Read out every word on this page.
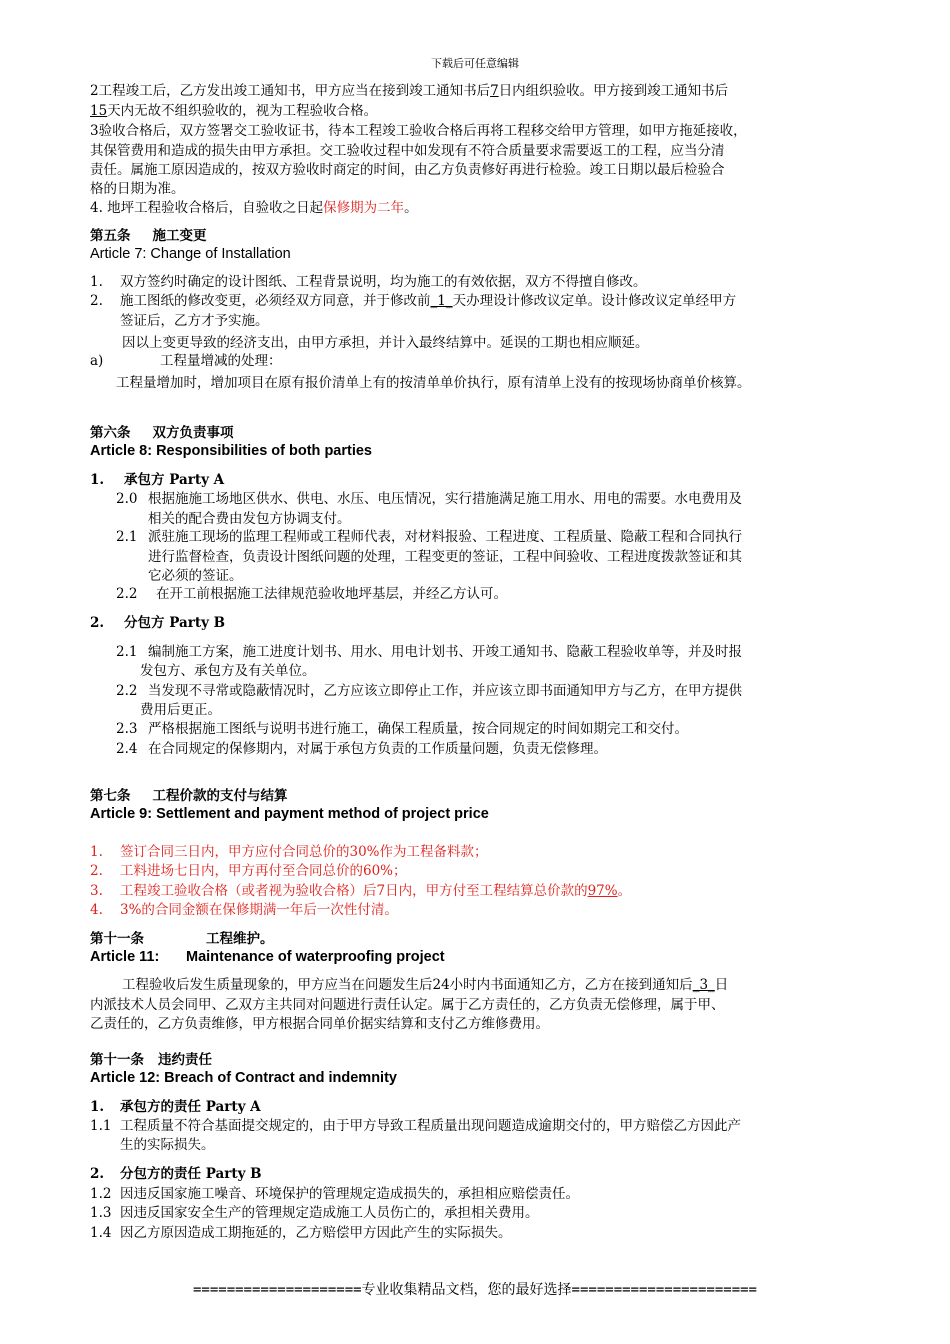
下载后可任意编辑
2工程竣工后，乙方发出竣工通知书，甲方应当在接到竣工通知书后7日内组织验收。甲方接到竣工通知书后
15天内无故不组织验收的，视为工程验收合格。
3验收合格后，双方签署交工验收证书，待本工程竣工验收合格后再将工程移交给甲方管理，如甲方拖延接收，
其保管费用和造成的损失由甲方承担。交工验收过程中如发现有不符合质量要求需要返工的工程，应当分清
责任。属施工原因造成的，按双方验收时商定的时间，由乙方负责修好再进行检验。竣工日期以最后检验合
格的日期为准。
4. 地坪工程验收合格后，自验收之日起保修期为二年。
第五条 施工变更
Article 7: Change of Installation
1. 双方签约时确定的设计图纸、工程背景说明，均为施工的有效依据，双方不得擅自修改。
2. 施工图纸的修改变更，必须经双方同意，并于修改前_1_天办理设计修改议定单。设计修改议定单经甲方
签证后，乙方才予实施。
因以上变更导致的经济支出，由甲方承担，并计入最终结算中。延误的工期也相应顺延。
a)	工程量增减的处理：
工程量增加时，增加项目在原有报价清单上有的按清单单价执行，原有清单上没有的按现场协商单价核算。
第六条 双方负责事项
Article 8: Responsibilities of both parties
1. 承包方 Party A
2.0 根据施施工场地区供水、供电、水压、电压情况，实行措施满足施工用水、用电的需要。水电费用及
相关的配合费由发包方协调支付。
2.1 派驻施工现场的监理工程师或工程师代表，对材料报验、工程进度、工程质量、隐蔽工程和合同执行
进行监督检查，负责设计图纸问题的处理，工程变更的签证，工程中间验收、工程进度拨款签证和其
它必须的签证。
2.2 在开工前根据施工法律规范验收地坪基层，并经乙方认可。
2. 分包方 Party B
2.1 编制施工方案，施工进度计划书、用水、用电计划书、开竣工通知书、隐蔽工程验收单等，并及时报
发包方、承包方及有关单位。
2.2 当发现不寻常或隐蔽情况时，乙方应该立即停止工作，并应该立即书面通知甲方与乙方，在甲方提供
费用后更正。
2.3 严格根据施工图纸与说明书进行施工，确保工程质量，按合同规定的时间如期完工和交付。
2.4 在合同规定的保修期内，对属于承包方负责的工作质量问题，负责无偿修理。
第七条 工程价款的支付与结算
Article 9: Settlement and payment method of project price
1. 签订合同三日内，甲方应付合同总价的30%作为工程备料款；
2. 工料进场七日内，甲方再付至合同总价的60%；
3. 工程竣工验收合格（或者视为验收合格）后7日内，甲方付至工程结算总价款的97%。
4. 3%的合同金额在保修期满一年后一次性付清。
第十一条	工程维护。
Article 11: Maintenance of waterproofing project
工程验收后发生质量现象的，甲方应当在问题发生后24小时内书面通知乙方，乙方在接到通知后_3_日
内派技术人员会同甲、乙双方主共同对问题进行责任认定。属于乙方责任的，乙方负责无偿修理，属于甲、
乙责任的，乙方负责维修，甲方根据合同单价据实结算和支付乙方维修费用。
第十一条 违约责任
Article 12: Breach of Contract and indemnity
1. 承包方的责任 Party A
1.1 工程质量不符合基面提交规定的，由于甲方导致工程质量出现问题造成逾期交付的，甲方赔偿乙方因此产
生的实际损失。
2. 分包方的责任 Party B
1.2 因违反国家施工噪音、环境保护的管理规定造成损失的，承担相应赔偿责任。
1.3 因违反国家安全生产的管理规定造成施工人员伤亡的，承担相关费用。
1.4 因乙方原因造成工期拖延的，乙方赔偿甲方因此产生的实际损失。
====================专业收集精品文档，您的最好选择======================
